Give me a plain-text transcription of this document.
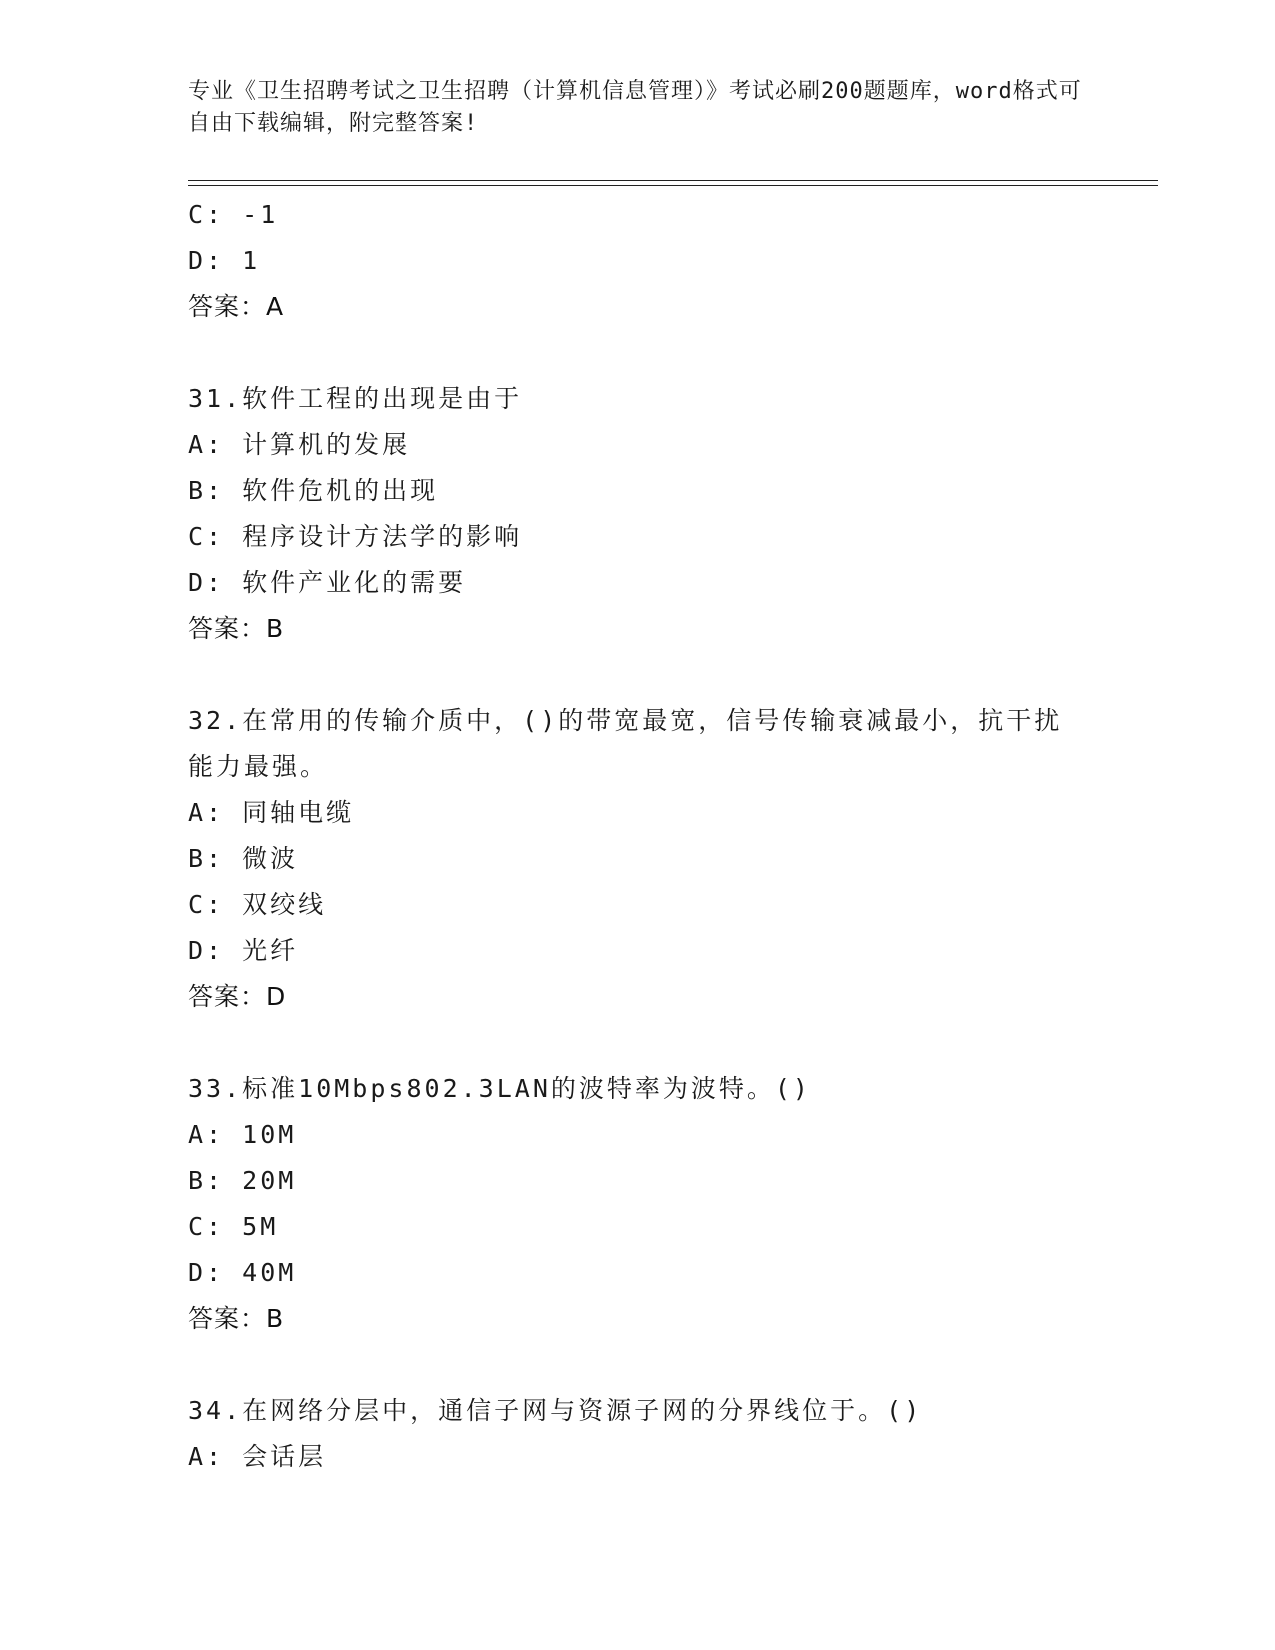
专业《卫生招聘考试之卫生招聘（计算机信息管理）》考试必刷200题题库，word格式可自由下载编辑，附完整答案!
C: -1
D: 1
答案：A
31.软件工程的出现是由于
A: 计算机的发展
B: 软件危机的出现
C: 程序设计方法学的影响
D: 软件产业化的需要
答案：B
32.在常用的传输介质中，()的带宽最宽，信号传输衰减最小，抗干扰能力最强。
A: 同轴电缆
B: 微波
C: 双绞线
D: 光纤
答案：D
33.标准10Mbps802.3LAN的波特率为波特。()
A: 10M
B: 20M
C: 5M
D: 40M
答案：B
34.在网络分层中，通信子网与资源子网的分界线位于。()
A: 会话层
